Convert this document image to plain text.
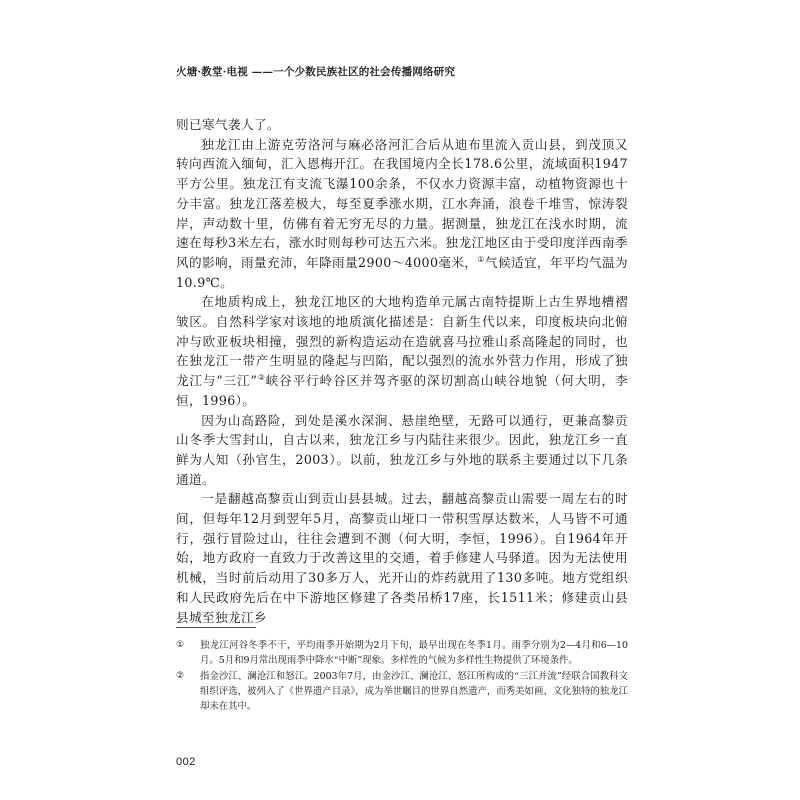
火塘·教堂·电视 ——一个少数民族社区的社会传播网络研究

则已寒气袭人了。

独龙江由上游克劳洛河与麻必洛河汇合后从迪布里流入贡山县，到茂顶又转向西流入缅甸，汇入恩梅开江。在我国境内全长178.6公里，流域面积1947平方公里。独龙江有支流飞瀑100余条，不仅水力资源丰富，动植物资源也十分丰富。独龙江落差极大，每至夏季涨水期，江水奔涌，浪卷千堆雪，惊涛裂岸，声动数十里，仿佛有着无穷无尽的力量。据测量，独龙江在浅水时期，流速在每秒3米左右，涨水时则每秒可达五六米。独龙江地区由于受印度洋西南季风的影响，雨量充沛，年降雨量2900～4000毫米，①气候适宜，年平均气温为10.9℃。

在地质构成上，独龙江地区的大地构造单元属古南特提斯上古生界地槽褶皱区。自然科学家对该地的地质演化描述是：自新生代以来，印度板块向北俯冲与欧亚板块相撞，强烈的新构造运动在造就喜马拉雅山系高隆起的同时，也在独龙江一带产生明显的隆起与凹陷，配以强烈的流水外营力作用，形成了独龙江与“三江”②峡谷平行岭谷区并驾齐驱的深切割高山峡谷地貌（何大明，李恒，1996）。

因为山高路险，到处是溪水深涧、悬崖绝壁，无路可以通行，更兼高黎贡山冬季大雪封山，自古以来，独龙江乡与内陆往来很少。因此，独龙江乡一直鲜为人知（孙官生，2003）。以前，独龙江乡与外地的联系主要通过以下几条通道。

一是翻越高黎贡山到贡山县县城。过去，翻越高黎贡山需要一周左右的时间，但每年12月到翌年5月，高黎贡山垭口一带积雪厚达数米，人马皆不可通行，强行冒险过山，往往会遭到不测（何大明，李恒，1996）。自1964年开始，地方政府一直致力于改善这里的交通，着手修建人马驿道。因为无法使用机械，当时前后动用了30多万人，光开山的炸药就用了130多吨。地方党组织和人民政府先后在中下游地区修建了各类吊桥17座，长1511米；修建贡山县县城至独龙江乡

①	独龙江河谷冬季不干，平均雨季开始期为2月下旬，最早出现在冬季1月。雨季分别为2—4月和6—10月。5月和9月常出现雨季中降水“中断”现象。多样性的气候为多样性生物提供了环境条件。
②	指金沙江、澜沧江和怒江。2003年7月，由金沙江、澜沧江、怒江所构成的“三江并流”经联合国教科文组织评选，被列入了《世界遗产目录》，成为举世瞩目的世界自然遗产，而秀美如画、文化独特的独龙江却未在其中。
002
